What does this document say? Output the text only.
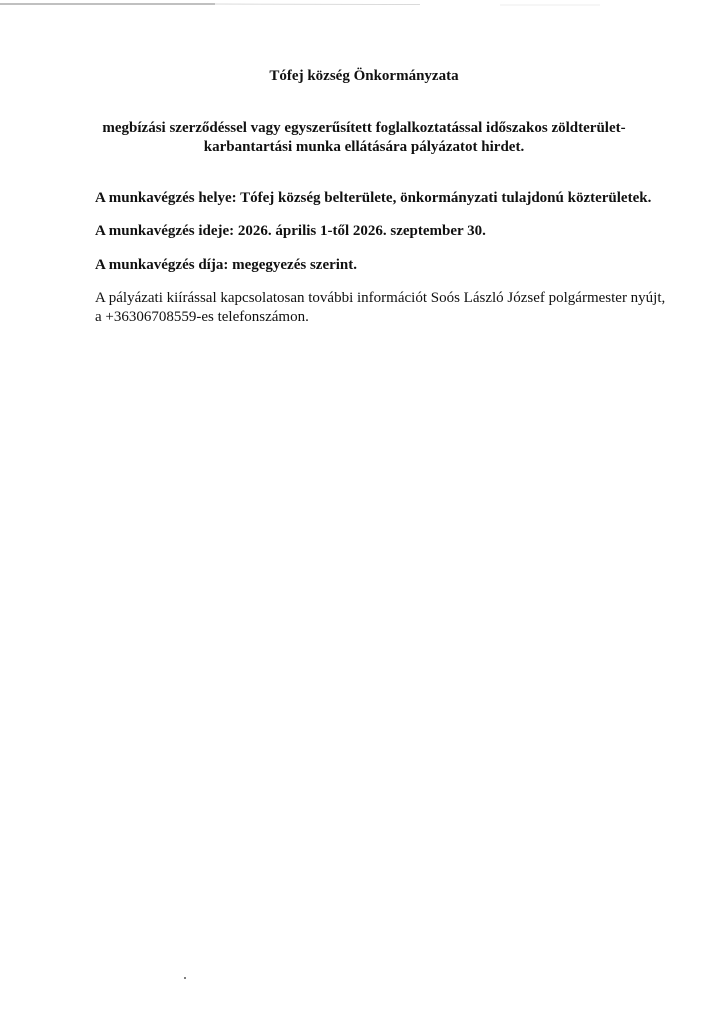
Tófej község Önkormányzata
megbízási szerződéssel vagy egyszerűsített foglalkoztatással időszakos zöldterület-
karbantartási munka ellátására pályázatot hirdet.
A munkavégzés helye: Tófej község belterülete, önkormányzati tulajdonú közterületek.
A munkavégzés ideje: 2026. április 1-től 2026. szeptember 30.
A munkavégzés díja: megegyezés szerint.
A pályázati kiírással kapcsolatosan további információt Soós László József polgármester nyújt,
a +36306708559-es telefonszámon.
